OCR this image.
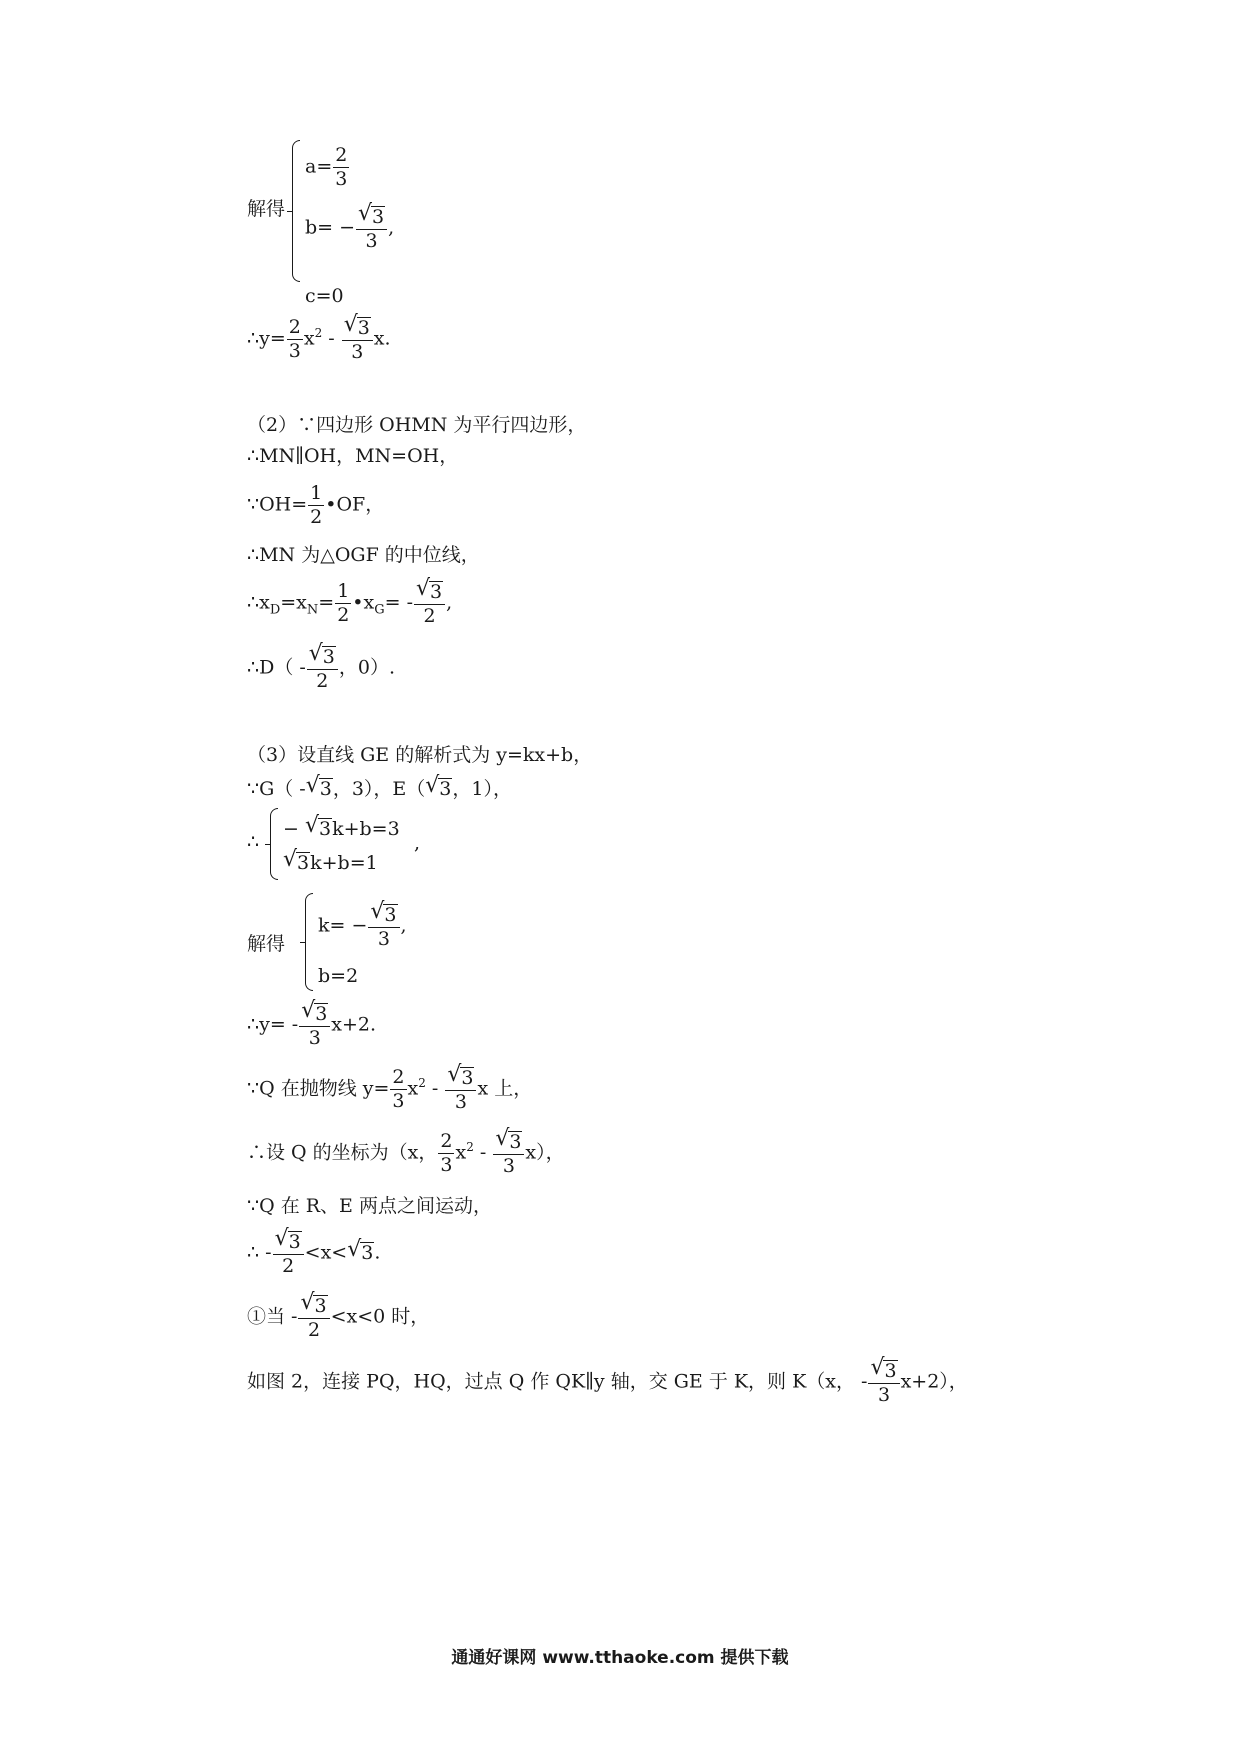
解得
$a= \frac{2}{3}$
$b= - \frac{√ 3}{3}$ ,
c=0
∴y= $\frac{2}{3} x^2 - \frac{√ 3}{3} x$.
（2）∵四边形 OHMN 为平行四边形，
∴MN∥OH，MN=OH，
∵OH= $\frac{1}{2}$ •OF，
∴MN 为△OGF 的中位线，
$\therefore x_D=x_N= \frac{1}{2}$ $•x_G= - \frac{√ 3}{2}$ ,
∴D（ - $\frac{√ 3}{2}$ ，0）.
（3）设直线 GE 的解析式为 y=kx+b，
∵G（ - √ 3，3），E（ √ 3，1），
∴
− √ 3k+b=3
√ 3k+b=1
,
解得
$k= - \frac{√ 3}{3}$ ,
b=2
∴y= - $\frac{√ 3}{3} x+2$.
∵Q 在抛物线 $y= \frac{2}{3} x^2 - \frac{√ 3}{3}$ x 上，
∴设 Q 的坐标为（x， $\frac{2}{3} x^2 - \frac{√ 3}{3} x$），
∵Q 在 R、E 两点之间运动，
∴ - $\frac{√ 3}{2} <x<$ √ 3.
①当 - $\frac{√ 3}{2} <x<0$ 时，
如图 2，连接 PQ，HQ，过点 Q 作 QK∥y 轴，交 GE 于 K，则 K（x， - $\frac{√ 3}{3} x+2$），
通通好课网 www.tthaoke.com 提供下载
